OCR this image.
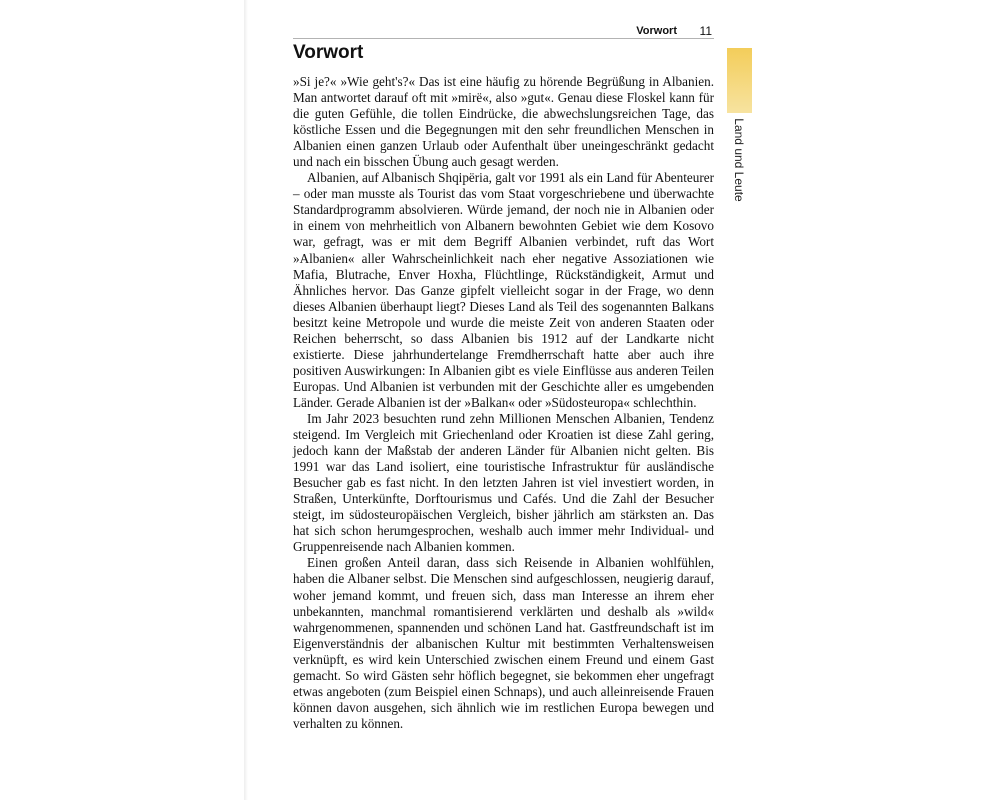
Vorwort 11
Land und Leute
Vorwort

»Si je?« »Wie geht's?« Das ist eine häufig zu hörende Begrüßung in Albanien. Man antwortet darauf oft mit »mirë«, also »gut«. Genau diese Floskel kann für die guten Gefühle, die tollen Eindrücke, die abwechslungsreichen Tage, das köstliche Essen und die Begegnungen mit den sehr freundlichen Menschen in Albanien einen ganzen Urlaub oder Aufenthalt über uneingeschränkt gedacht und nach ein bisschen Übung auch gesagt werden.

Albanien, auf Albanisch Shqipëria, galt vor 1991 als ein Land für Abenteurer – oder man musste als Tourist das vom Staat vorgeschriebene und überwachte Standardprogramm absolvieren. Würde jemand, der noch nie in Albanien oder in einem von mehrheitlich von Albanern bewohnten Gebiet wie dem Kosovo war, gefragt, was er mit dem Begriff Albanien verbindet, ruft das Wort »Albanien« aller Wahrscheinlichkeit nach eher negative Assoziationen wie Mafia, Blutrache, Enver Hoxha, Flüchtlinge, Rückständigkeit, Armut und Ähnliches hervor. Das Ganze gipfelt vielleicht sogar in der Frage, wo denn dieses Albanien überhaupt liegt? Dieses Land als Teil des sogenannten Balkans besitzt keine Metropole und wurde die meiste Zeit von anderen Staaten oder Reichen beherrscht, so dass Albanien bis 1912 auf der Landkarte nicht existierte. Diese jahrhundertelange Fremdherrschaft hatte aber auch ihre positiven Auswirkungen: In Albanien gibt es viele Einflüsse aus anderen Teilen Europas. Und Albanien ist verbunden mit der Geschichte aller es umgebenden Länder. Gerade Albanien ist der »Balkan« oder »Südosteuropa« schlechthin.

Im Jahr 2023 besuchten rund zehn Millionen Menschen Albanien, Tendenz steigend. Im Vergleich mit Griechenland oder Kroatien ist diese Zahl gering, jedoch kann der Maßstab der anderen Länder für Albanien nicht gelten. Bis 1991 war das Land isoliert, eine touristische Infrastruktur für ausländische Besucher gab es fast nicht. In den letzten Jahren ist viel investiert worden, in Straßen, Unterkünfte, Dorftourismus und Cafés. Und die Zahl der Besucher steigt, im südosteuropäischen Vergleich, bisher jährlich am stärksten an. Das hat sich schon herumgesprochen, weshalb auch immer mehr Individual- und Gruppenreisende nach Albanien kommen.

Einen großen Anteil daran, dass sich Reisende in Albanien wohlfühlen, haben die Albaner selbst. Die Menschen sind aufgeschlossen, neugierig darauf, woher jemand kommt, und freuen sich, dass man Interesse an ihrem eher unbekannten, manchmal romantisierend verklärten und deshalb als »wild« wahrgenommenen, spannenden und schönen Land hat. Gastfreundschaft ist im Eigenverständnis der albanischen Kultur mit bestimmten Verhaltensweisen verknüpft, es wird kein Unterschied zwischen einem Freund und einem Gast gemacht. So wird Gästen sehr höflich begegnet, sie bekommen eher ungefragt etwas angeboten (zum Beispiel einen Schnaps), und auch alleinreisende Frauen können davon ausgehen, sich ähnlich wie im restlichen Europa bewegen und verhalten zu können.
